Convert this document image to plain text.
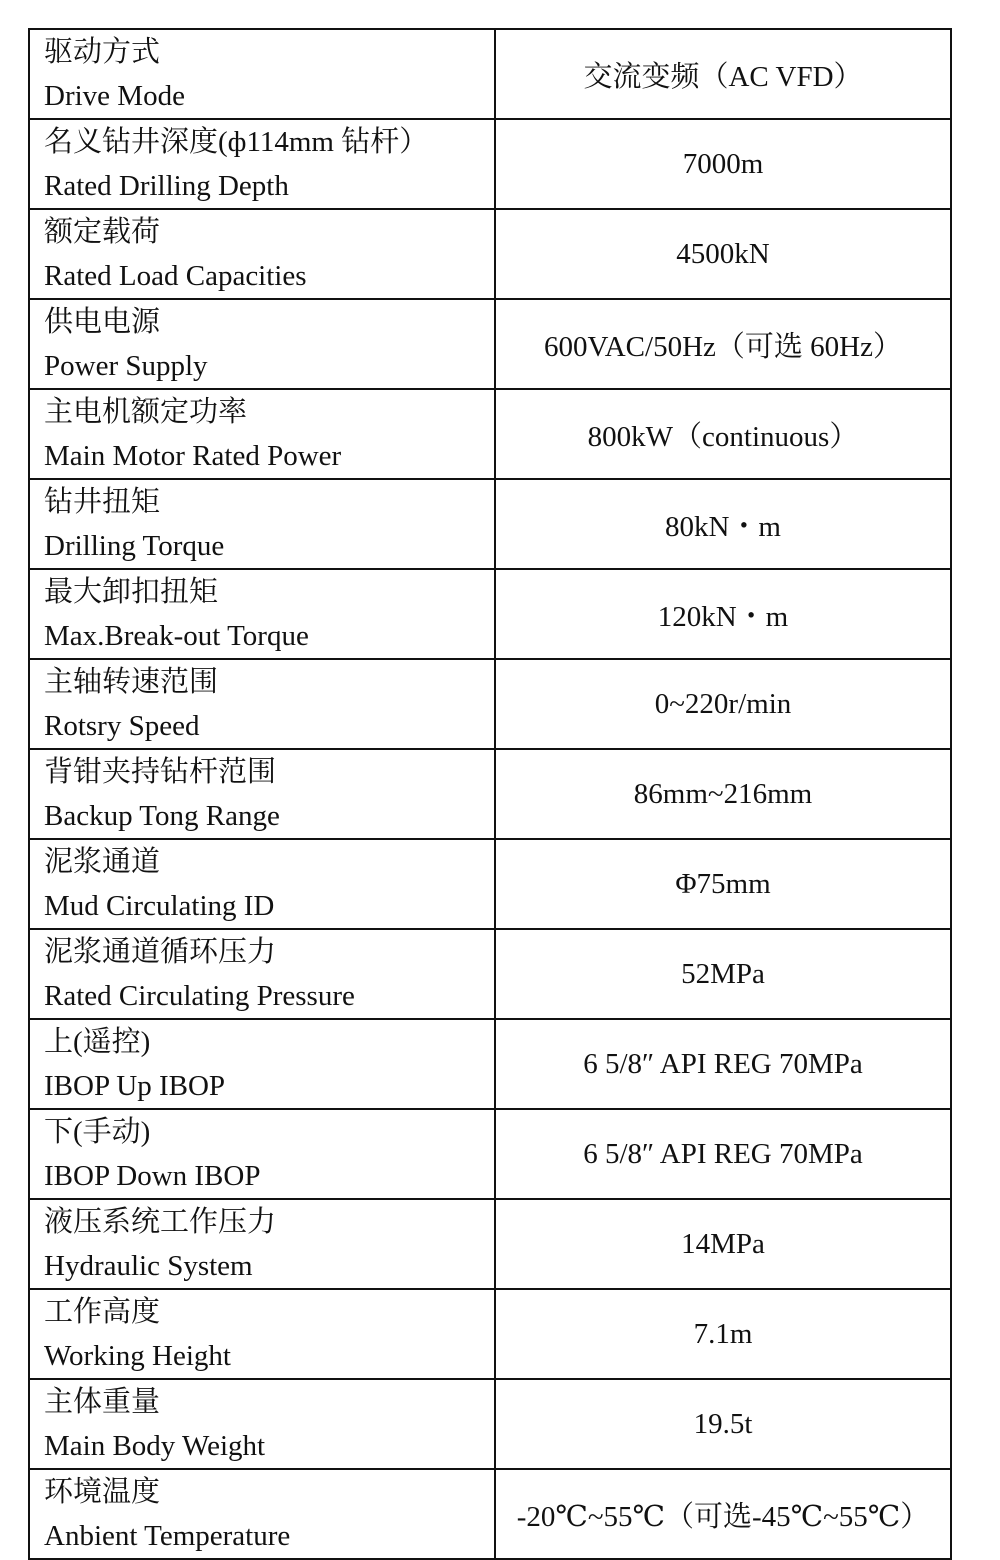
驱动方式
Drive Mode	交流变频（AC VFD）

名义钻井深度(ф114mm 钻杆）
Rated Drilling Depth	7000m

额定载荷
Rated Load Capacities	4500kN

供电电源
Power Supply	600VAC/50Hz（可选 60Hz）

主电机额定功率
Main Motor Rated Power	800kW（continuous）

钻井扭矩
Drilling Torque	80kN・m

最大卸扣扭矩
Max.Break-out Torque	120kN・m

主轴转速范围
Rotsry Speed	0~220r/min

背钳夹持钻杆范围
Backup Tong Range	86mm~216mm

泥浆通道
Mud Circulating ID	Φ75mm

泥浆通道循环压力
Rated Circulating Pressure	52MPa

上(遥控)
IBOP Up IBOP	6 5/8″ API REG 70MPa

下(手动)
IBOP Down IBOP	6 5/8″ API REG 70MPa

液压系统工作压力
Hydraulic System	14MPa

工作高度
Working Height	7.1m

主体重量
Main Body Weight	19.5t

环境温度
Anbient Temperature	-20℃~55℃（可选-45℃~55℃）
